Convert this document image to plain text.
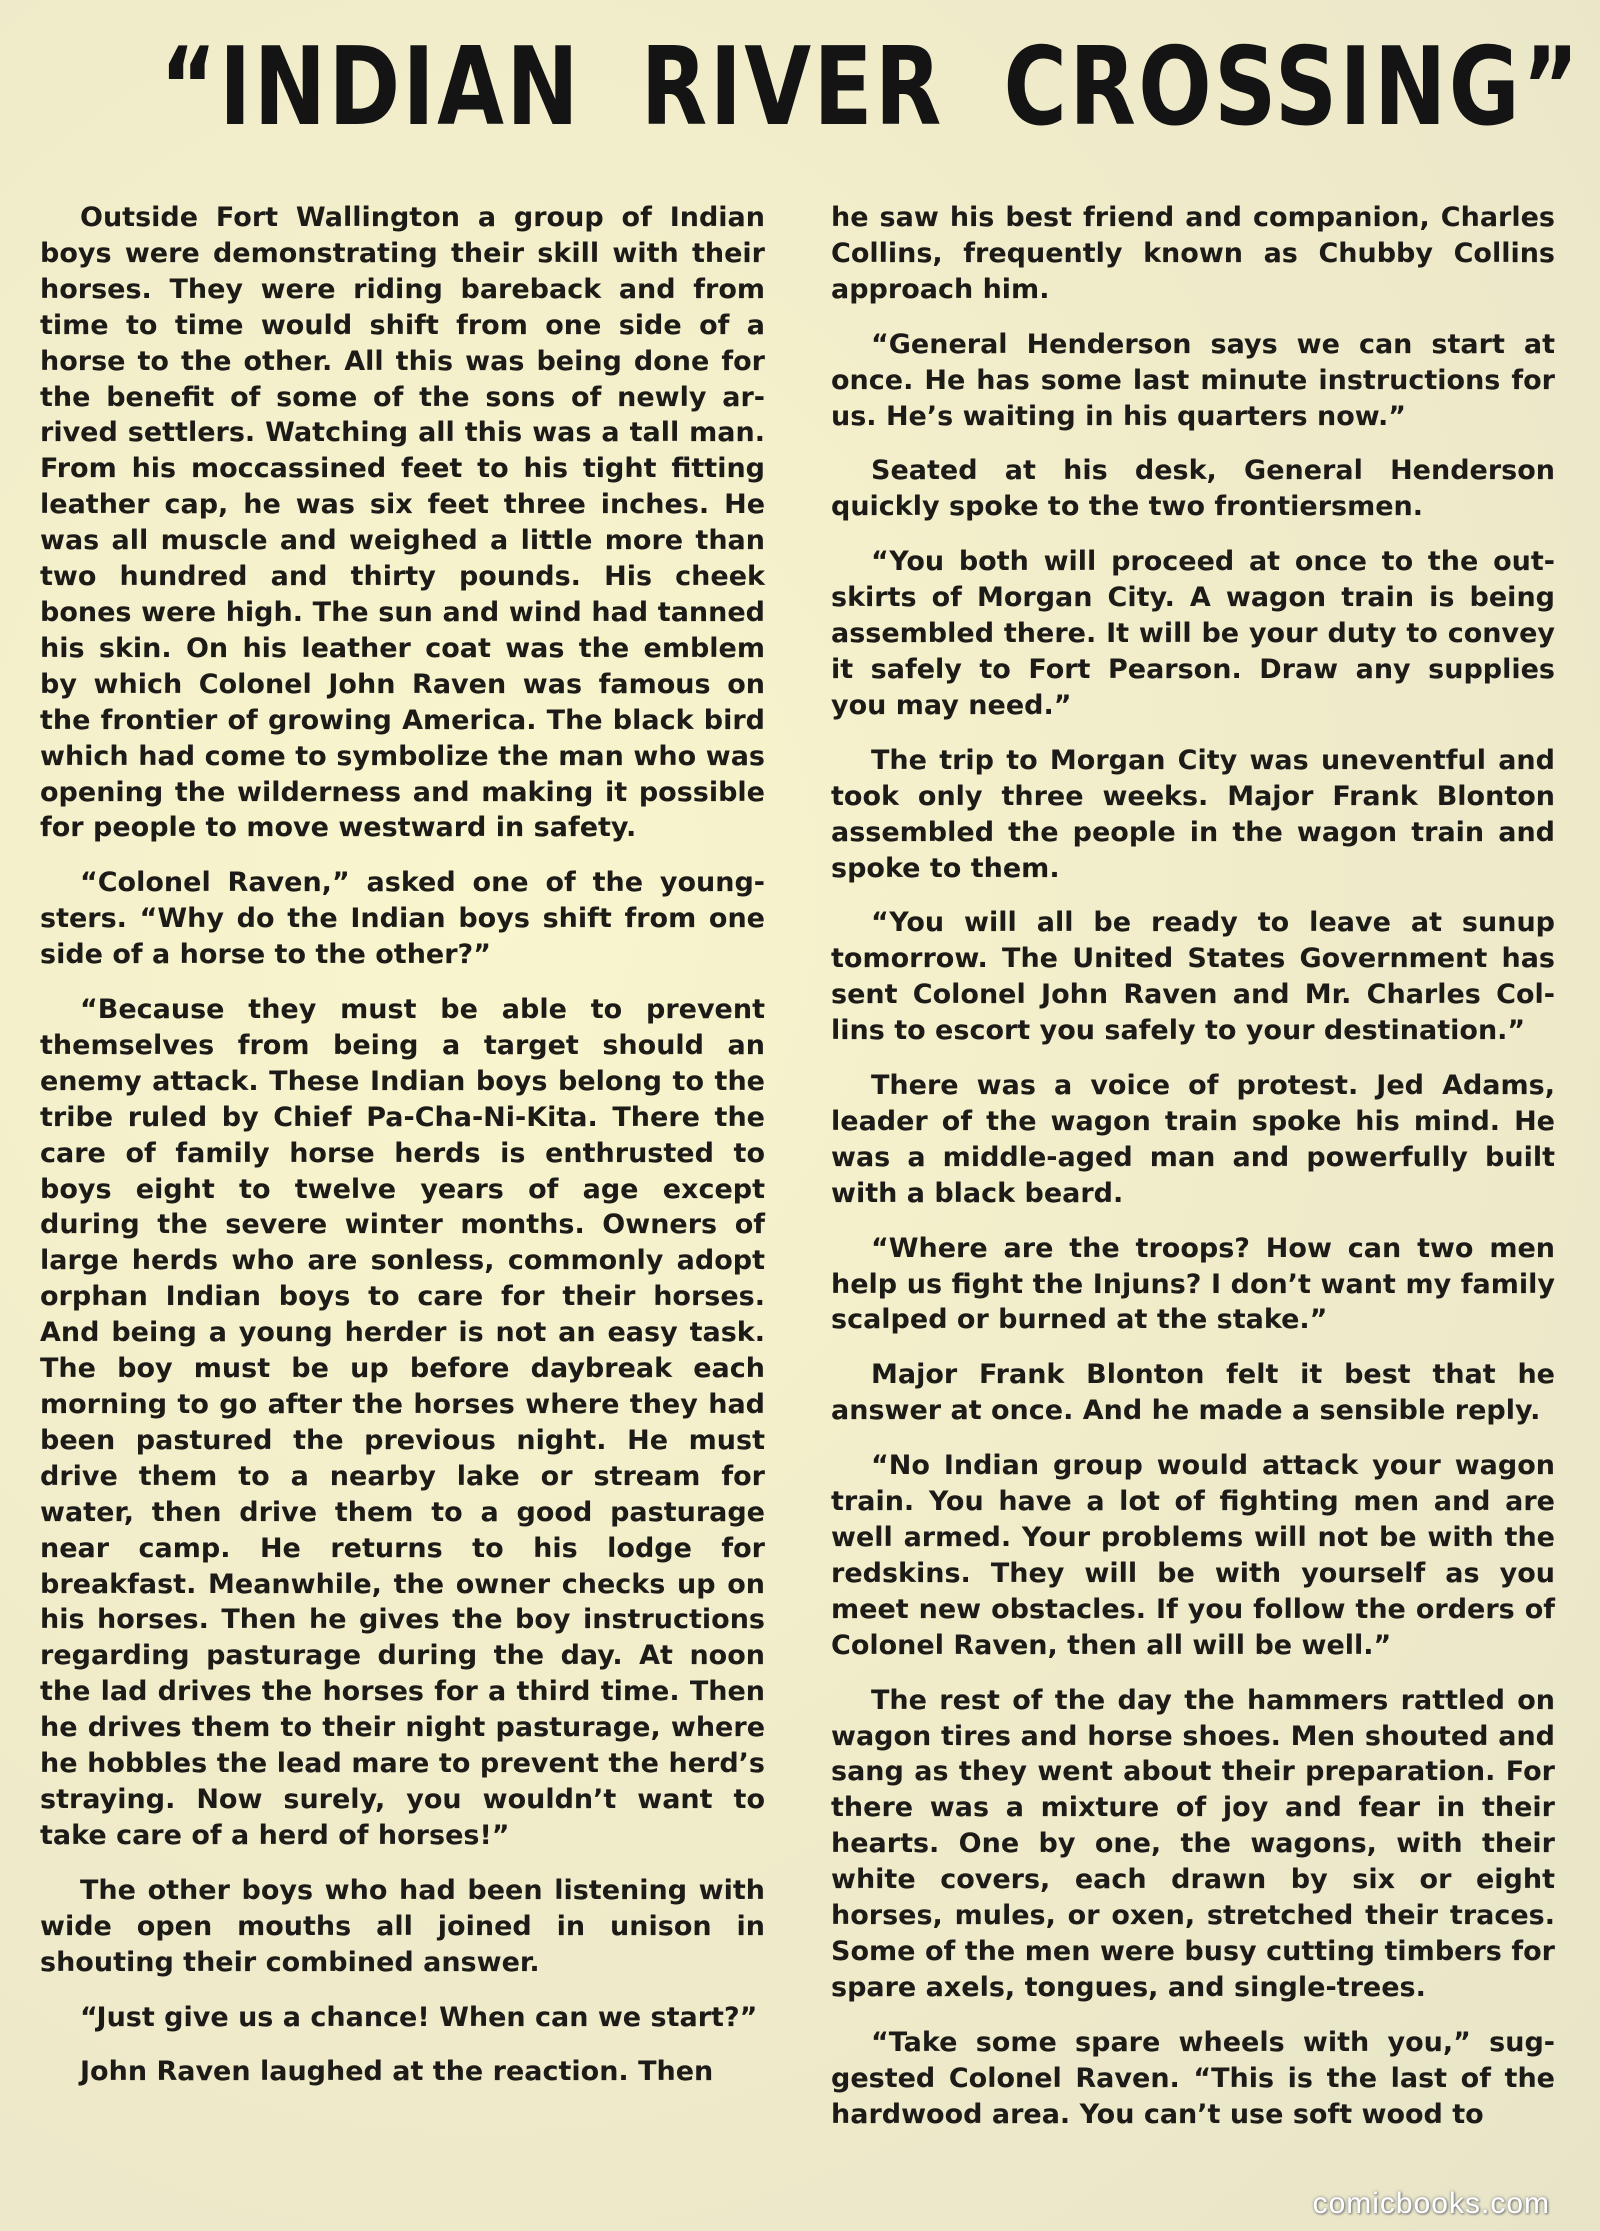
“INDIAN RIVER CROSSING”

Outside Fort Wallington a group of Indian boys were demonstrating their skill with their horses. They were riding bareback and from time to time would shift from one side of a horse to the other. All this was being done for the benefit of some of the sons of newly arrived settlers. Watching all this was a tall man. From his moccassined feet to his tight fitting leather cap, he was six feet three inches. He was all muscle and weighed a little more than two hundred and thirty pounds. His cheek bones were high. The sun and wind had tanned his skin. On his leather coat was the emblem by which Colonel John Raven was famous on the frontier of growing America. The black bird which had come to symbolize the man who was opening the wilderness and making it possible for people to move westward in safety.

“Colonel Raven,” asked one of the youngsters. “Why do the Indian boys shift from one side of a horse to the other?”

“Because they must be able to prevent themselves from being a target should an enemy attack. These Indian boys belong to the tribe ruled by Chief Pa-Cha-Ni-Kita. There the care of family horse herds is enthrusted to boys eight to twelve years of age except during the severe winter months. Owners of large herds who are sonless, commonly adopt orphan Indian boys to care for their horses. And being a young herder is not an easy task. The boy must be up before daybreak each morning to go after the horses where they had been pastured the previous night. He must drive them to a nearby lake or stream for water, then drive them to a good pasturage near camp. He returns to his lodge for breakfast. Meanwhile, the owner checks up on his horses. Then he gives the boy instructions regarding pasturage during the day. At noon the lad drives the horses for a third time. Then he drives them to their night pasturage, where he hobbles the lead mare to prevent the herd’s straying. Now surely, you wouldn’t want to take care of a herd of horses!”

The other boys who had been listening with wide open mouths all joined in unison in shouting their combined answer.

“Just give us a chance! When can we start?”

John Raven laughed at the reaction. Then

he saw his best friend and companion, Charles Collins, frequently known as Chubby Collins approach him.

“General Henderson says we can start at once. He has some last minute instructions for us. He’s waiting in his quarters now.”

Seated at his desk, General Henderson quickly spoke to the two frontiersmen.

“You both will proceed at once to the outskirts of Morgan City. A wagon train is being assembled there. It will be your duty to convey it safely to Fort Pearson. Draw any supplies you may need.”

The trip to Morgan City was uneventful and took only three weeks. Major Frank Blonton assembled the people in the wagon train and spoke to them.

“You will all be ready to leave at sunup tomorrow. The United States Government has sent Colonel John Raven and Mr. Charles Collins to escort you safely to your destination.”

There was a voice of protest. Jed Adams, leader of the wagon train spoke his mind. He was a middle-aged man and powerfully built with a black beard.

“Where are the troops? How can two men help us fight the Injuns? I don’t want my family scalped or burned at the stake.”

Major Frank Blonton felt it best that he answer at once. And he made a sensible reply.

“No Indian group would attack your wagon train. You have a lot of fighting men and are well armed. Your problems will not be with the redskins. They will be with yourself as you meet new obstacles. If you follow the orders of Colonel Raven, then all will be well.”

The rest of the day the hammers rattled on wagon tires and horse shoes. Men shouted and sang as they went about their preparation. For there was a mixture of joy and fear in their hearts. One by one, the wagons, with their white covers, each drawn by six or eight horses, mules, or oxen, stretched their traces. Some of the men were busy cutting timbers for spare axels, tongues, and single-trees.

“Take some spare wheels with you,” suggested Colonel Raven. “This is the last of the hardwood area. You can’t use soft wood to

comicbooks.com
